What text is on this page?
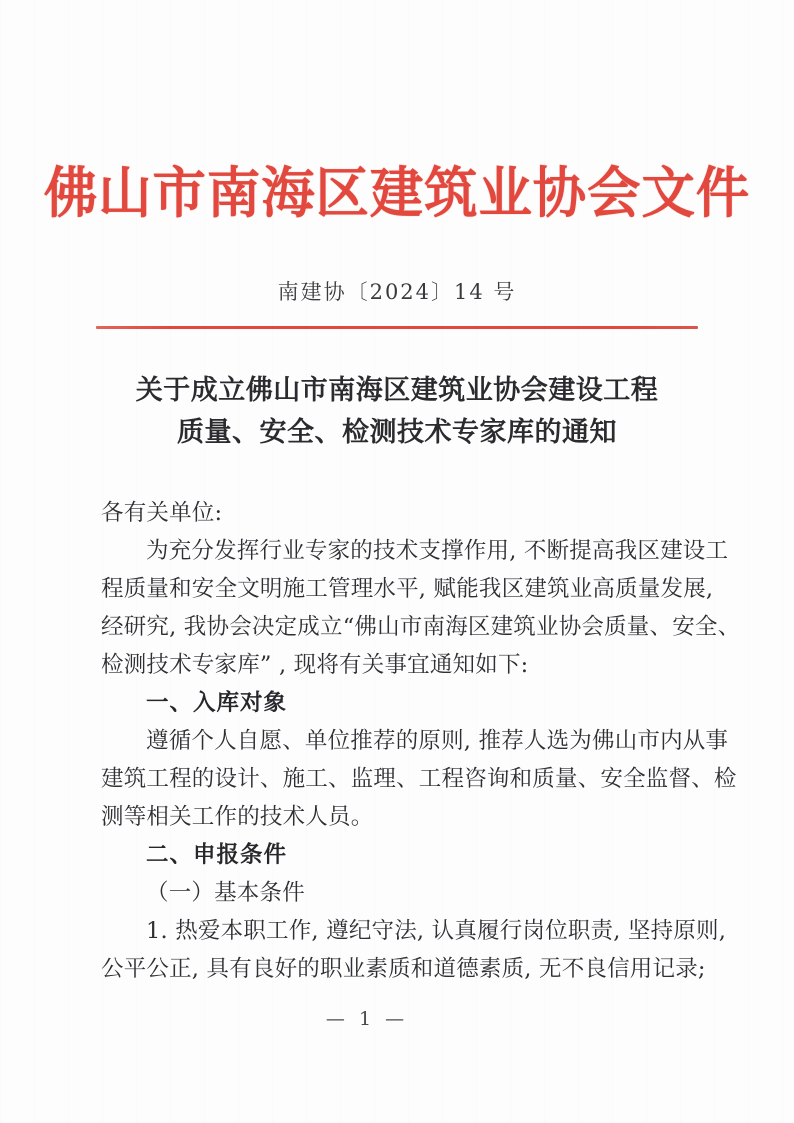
佛山市南海区建筑业协会文件
南建协〔2024〕14 号
关于成立佛山市南海区建筑业协会建设工程
质量、安全、检测技术专家库的通知
各有关单位:
为充分发挥行业专家的技术支撑作用, 不断提高我区建设工
程质量和安全文明施工管理水平, 赋能我区建筑业高质量发展,
经研究, 我协会决定成立“佛山市南海区建筑业协会质量、安全、
检测技术专家库” , 现将有关事宜通知如下:
一、入库对象
遵循个人自愿、单位推荐的原则, 推荐人选为佛山市内从事
建筑工程的设计、施工、监理、工程咨询和质量、安全监督、检
测等相关工作的技术人员。
二、申报条件
（一）基本条件
1. 热爱本职工作, 遵纪守法, 认真履行岗位职责, 坚持原则,
公平公正, 具有良好的职业素质和道德素质, 无不良信用记录;
— 1 —
